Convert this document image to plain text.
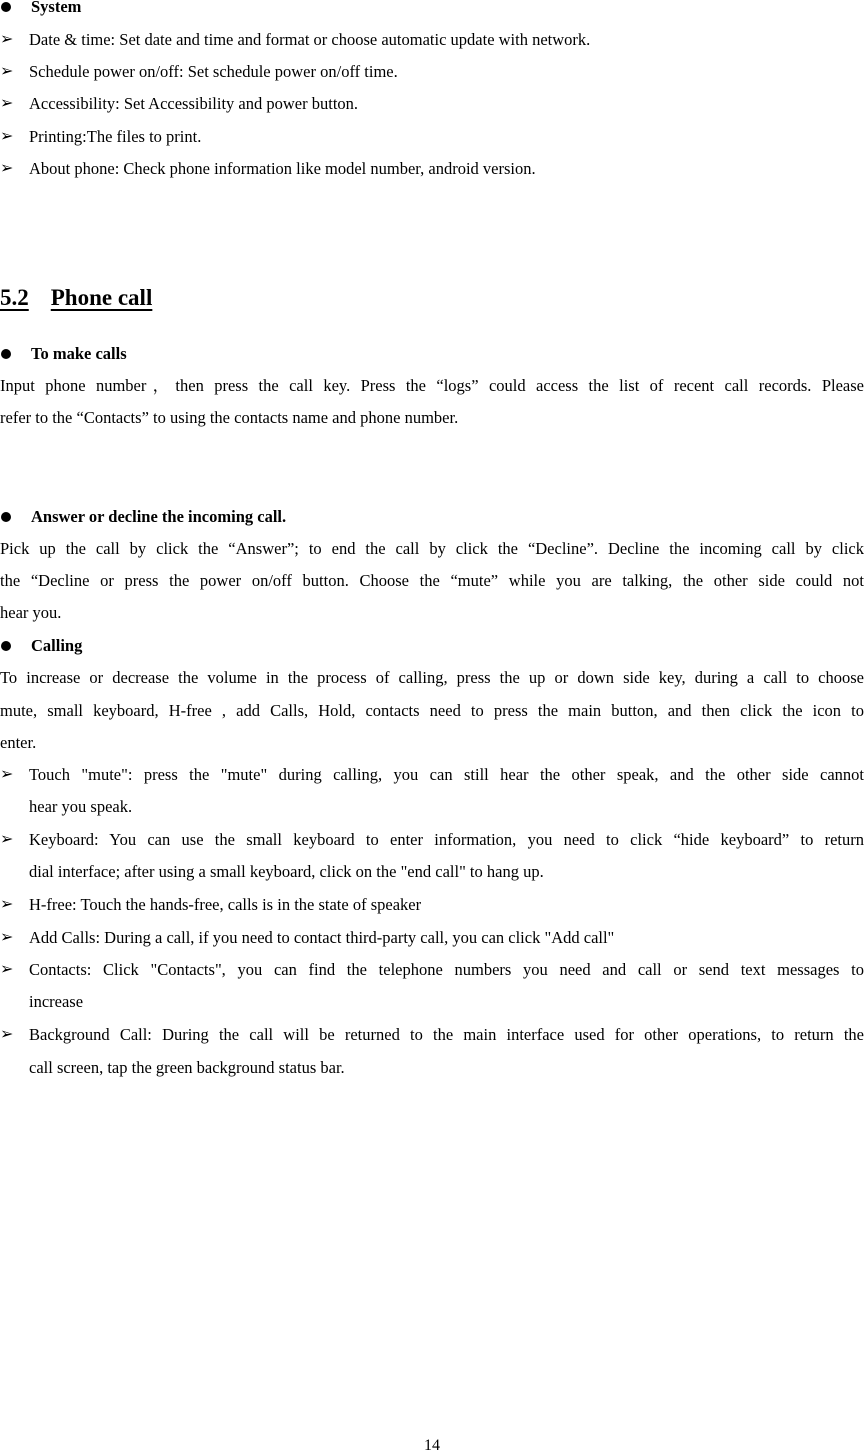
System
➢ Date & time: Set date and time and format or choose automatic update with network.
➢ Schedule power on/off: Set schedule power on/off time.
➢ Accessibility: Set Accessibility and power button.
➢ Printing:The files to print.
➢ About phone: Check phone information like model number, android version.
5.2 Phone call
To make calls
Input phone number，then press the call key. Press the “logs” could access the list of recent call records. Please
refer to the “Contacts” to using the contacts name and phone number.
Answer or decline the incoming call.
Pick up the call by click the “Answer”; to end the call by click the “Decline”. Decline the incoming call by click
the “Decline or press the power on/off button. Choose the “mute” while you are talking, the other side could not
hear you.
Calling
To increase or decrease the volume in the process of calling, press the up or down side key, during a call to choose
mute, small keyboard, H-free , add Calls, Hold, contacts need to press the main button, and then click the icon to
enter.
➢ Touch "mute": press the "mute" during calling, you can still hear the other speak, and the other side cannot
hear you speak.
➢ Keyboard: You can use the small keyboard to enter information, you need to click “hide keyboard” to return
dial interface; after using a small keyboard, click on the "end call" to hang up.
➢ H-free: Touch the hands-free, calls is in the state of speaker
➢ Add Calls: During a call, if you need to contact third-party call, you can click "Add call"
➢ Contacts: Click "Contacts", you can find the telephone numbers you need and call or send text messages to
increase
➢ Background Call: During the call will be returned to the main interface used for other operations, to return the
call screen, tap the green background status bar.
14
